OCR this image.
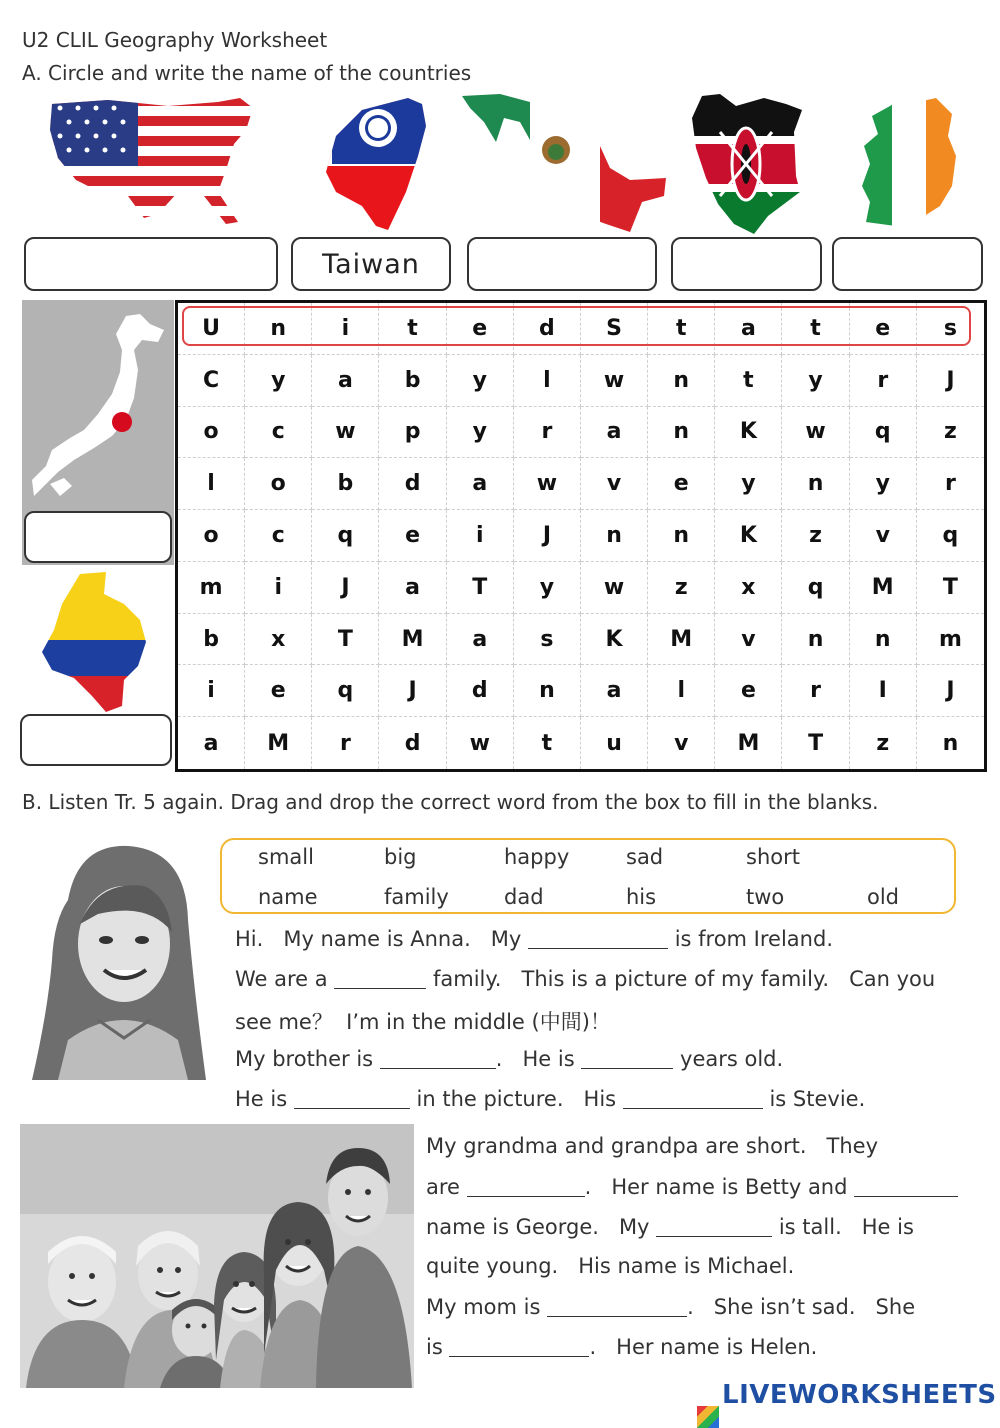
U2 CLIL Geography Worksheet
A. Circle and write the name of the countries
Taiwan
U	n	i	t	e	d	S	t	a	t	e	s
C	y	a	b	y	l	w	n	t	y	r	J
o	c	w	p	y	r	a	n	K	w	q	z
l	o	b	d	a	w	v	e	y	n	y	r
o	c	q	e	i	J	n	n	K	z	v	q
m	i	J	a	T	y	w	z	x	q	M	T
b	x	T	M	a	s	K	M	v	n	n	m
i	e	q	J	d	n	a	l	e	r	I	J
a	M	r	d	w	t	u	v	M	T	z	n
B. Listen Tr. 5 again. Drag and drop the correct word from the box to fill in the blanks.
small	big	happy	sad	short
name	family	dad	his	two	old
Hi.   My name is Anna.   My	is from Ireland.
We are a	family.   This is a picture of my family.   Can you
see me？  I’m in the middle (中間)！
My brother is	.   He is	years old.
He is	in the picture.   His	is Stevie.
My grandma and grandpa are short.   They
are	.   Her name is Betty and
name is George.   My	is tall.   He is
quite young.   His name is Michael.
My mom is	.   She isn’t sad.   She
is	.   Her name is Helen.
LIVEWORKSHEETS
